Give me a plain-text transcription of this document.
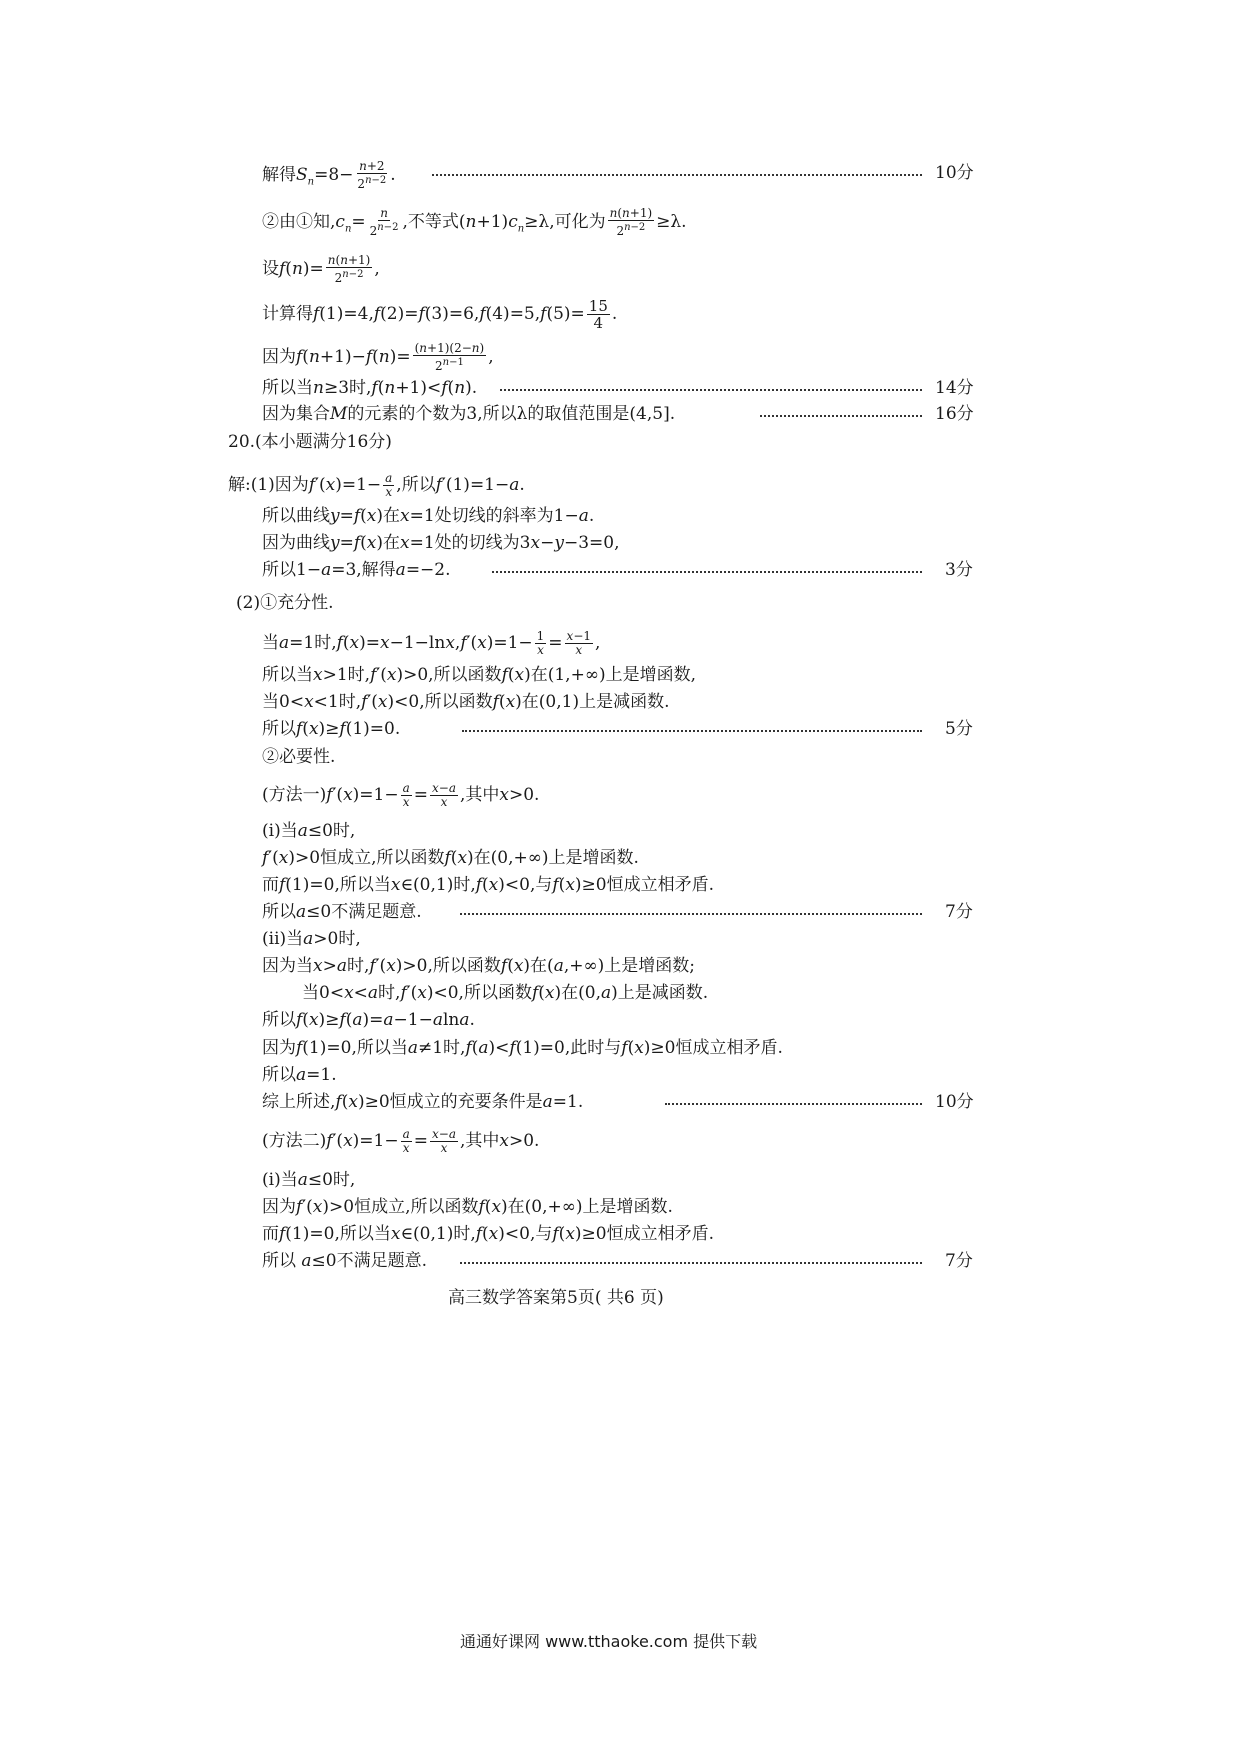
解得$S_n=8- \frac{n+2}{2^{n-2}}$ .	10分
②由①知$,c_n= \frac{n}{2^{n-2}}$ ,不等式$(n+1)c_n\ge\lambda$,可化为 $\frac{n(n+1)}{2^{n-2}} \ge\lambda$.
设$f(n)= \frac{n(n+1)}{2^{n-2}}$ ,
计算得$f(1)=4,f(2)=f(3)=6,f(4)=5,f(5)= \frac{15}{4}$ .
因为$f(n+1)-f(n)= \frac{(n+1)(2-n)}{2^{n-1}}$ ,
所以当n≥3时,f(n+1)<f(n).	14分
因为集合M的元素的个数为3,所以λ的取值范围是(4,5].	16分
20.(本小题满分16分)
解:(1)因为$f'(x)=1- \frac{a}{x}$ ,所以f′(1)=1−a.
所以曲线y=f(x)在x=1处切线的斜率为1−a.
因为曲线y=f(x)在x=1处的切线为3x−y−3=0,
所以1−a=3,解得a=−2.	3分
(2)①充分性.
当a=1时$,f(x)=x-1-\ln x,f'(x)=1- \frac{1}{x} = \frac{x-1}{x}$ ,
所以当x>1时,f′(x)>0,所以函数f(x)在(1,+∞)上是增函数,
当0<x<1时,f′(x)<0,所以函数f(x)在(0,1)上是减函数.
所以f(x)≥f(1)=0.	5分
②必要性.
(方法一)$f'(x)=1- \frac{a}{x} = \frac{x-a}{x}$ ,其中x>0.
(i)当a≤0时,
f′(x)>0恒成立,所以函数f(x)在(0,+∞)上是增函数.
而f(1)=0,所以当x∈(0,1)时,f(x)<0,与f(x)≥0恒成立相矛盾.
所以a≤0不满足题意.	7分
(ii)当a>0时,
因为当x>a时,f′(x)>0,所以函数f(x)在(a,+∞)上是增函数;
当0<x<a时,f′(x)<0,所以函数f(x)在(0,a)上是减函数.
所以f(x)≥f(a)=a−1−alna.
因为f(1)=0,所以当a≠1时,f(a)<f(1)=0,此时与f(x)≥0恒成立相矛盾.
所以a=1.
综上所述,f(x)≥0恒成立的充要条件是a=1.	10分
(方法二)$f'(x)=1- \frac{a}{x} = \frac{x-a}{x}$ ,其中x>0.
(i)当a≤0时,
因为f′(x)>0恒成立,所以函数f(x)在(0,+∞)上是增函数.
而f(1)=0,所以当x∈(0,1)时,f(x)<0,与f(x)≥0恒成立相矛盾.
所以 a≤0不满足题意.	7分
高三数学答案第5页( 共6 页)
通通好课网 www.tthaoke.com 提供下载
